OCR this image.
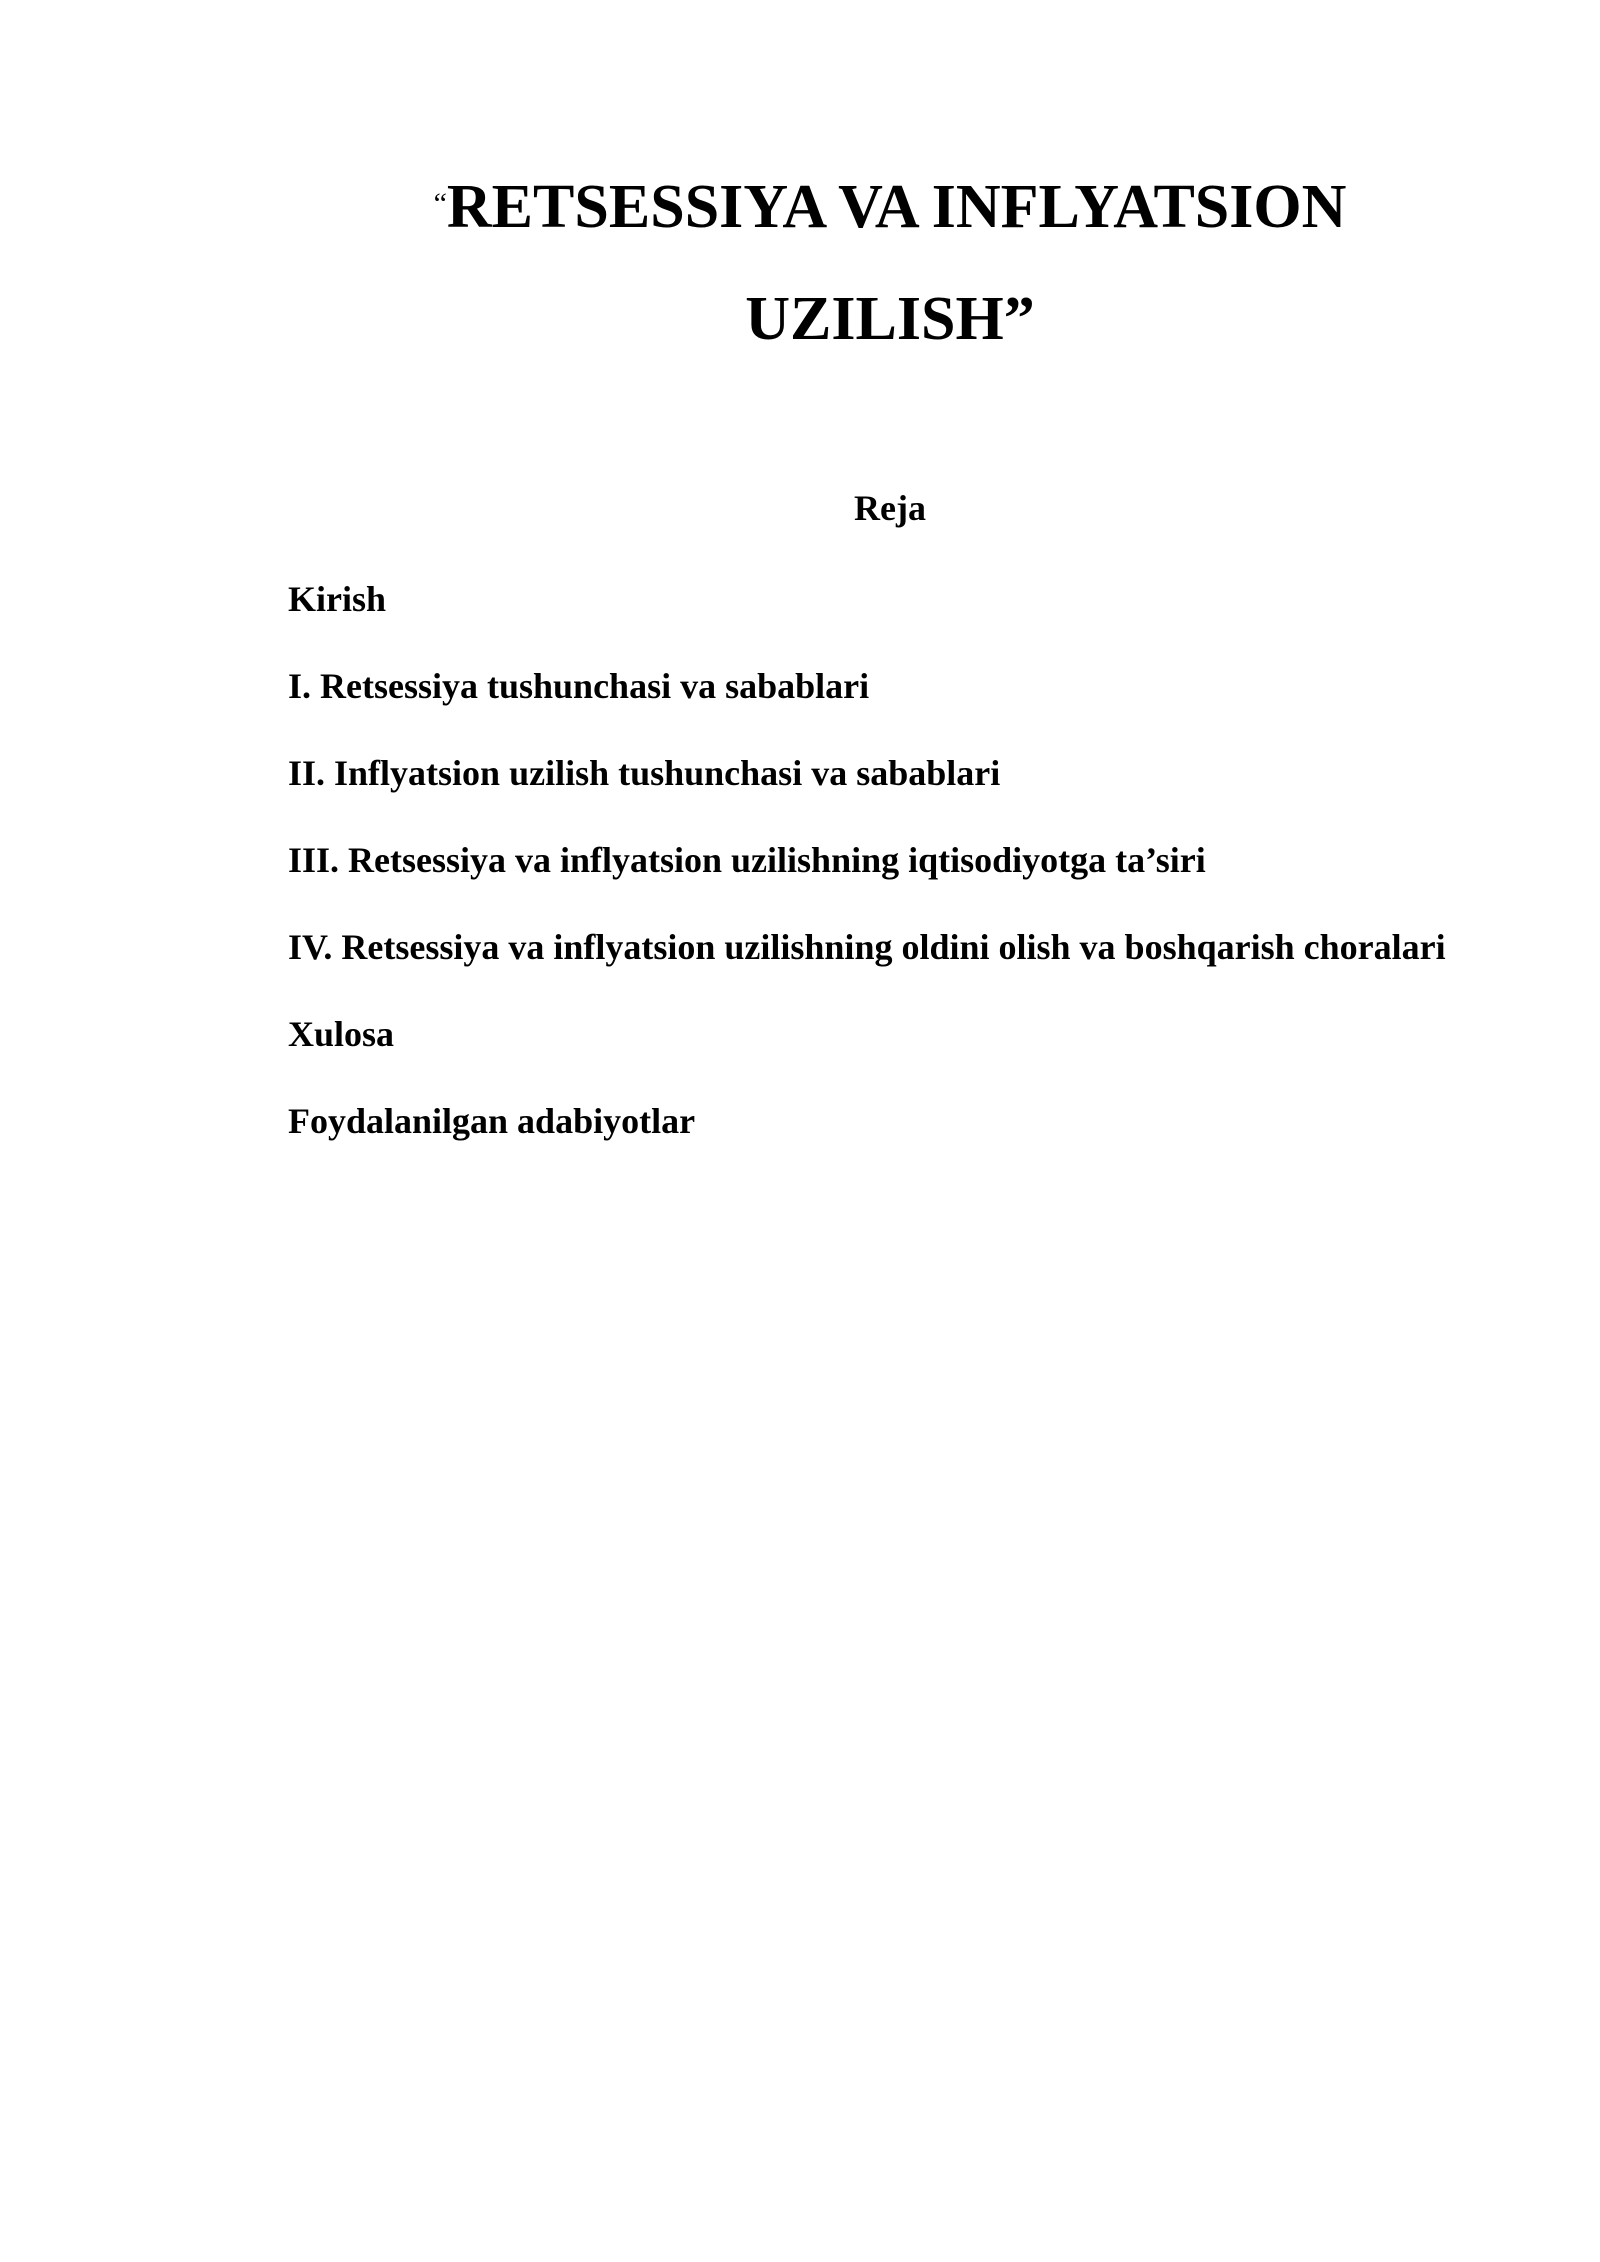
“RETSESSIYA VA INFLYATSION
UZILISH”
Reja
Kirish
I. Retsessiya tushunchasi va sabablari
II. Inflyatsion uzilish tushunchasi va sabablari
III. Retsessiya va inflyatsion uzilishning iqtisodiyotga ta’siri
IV. Retsessiya va inflyatsion uzilishning oldini olish va boshqarish choralari
Xulosa
Foydalanilgan adabiyotlar
